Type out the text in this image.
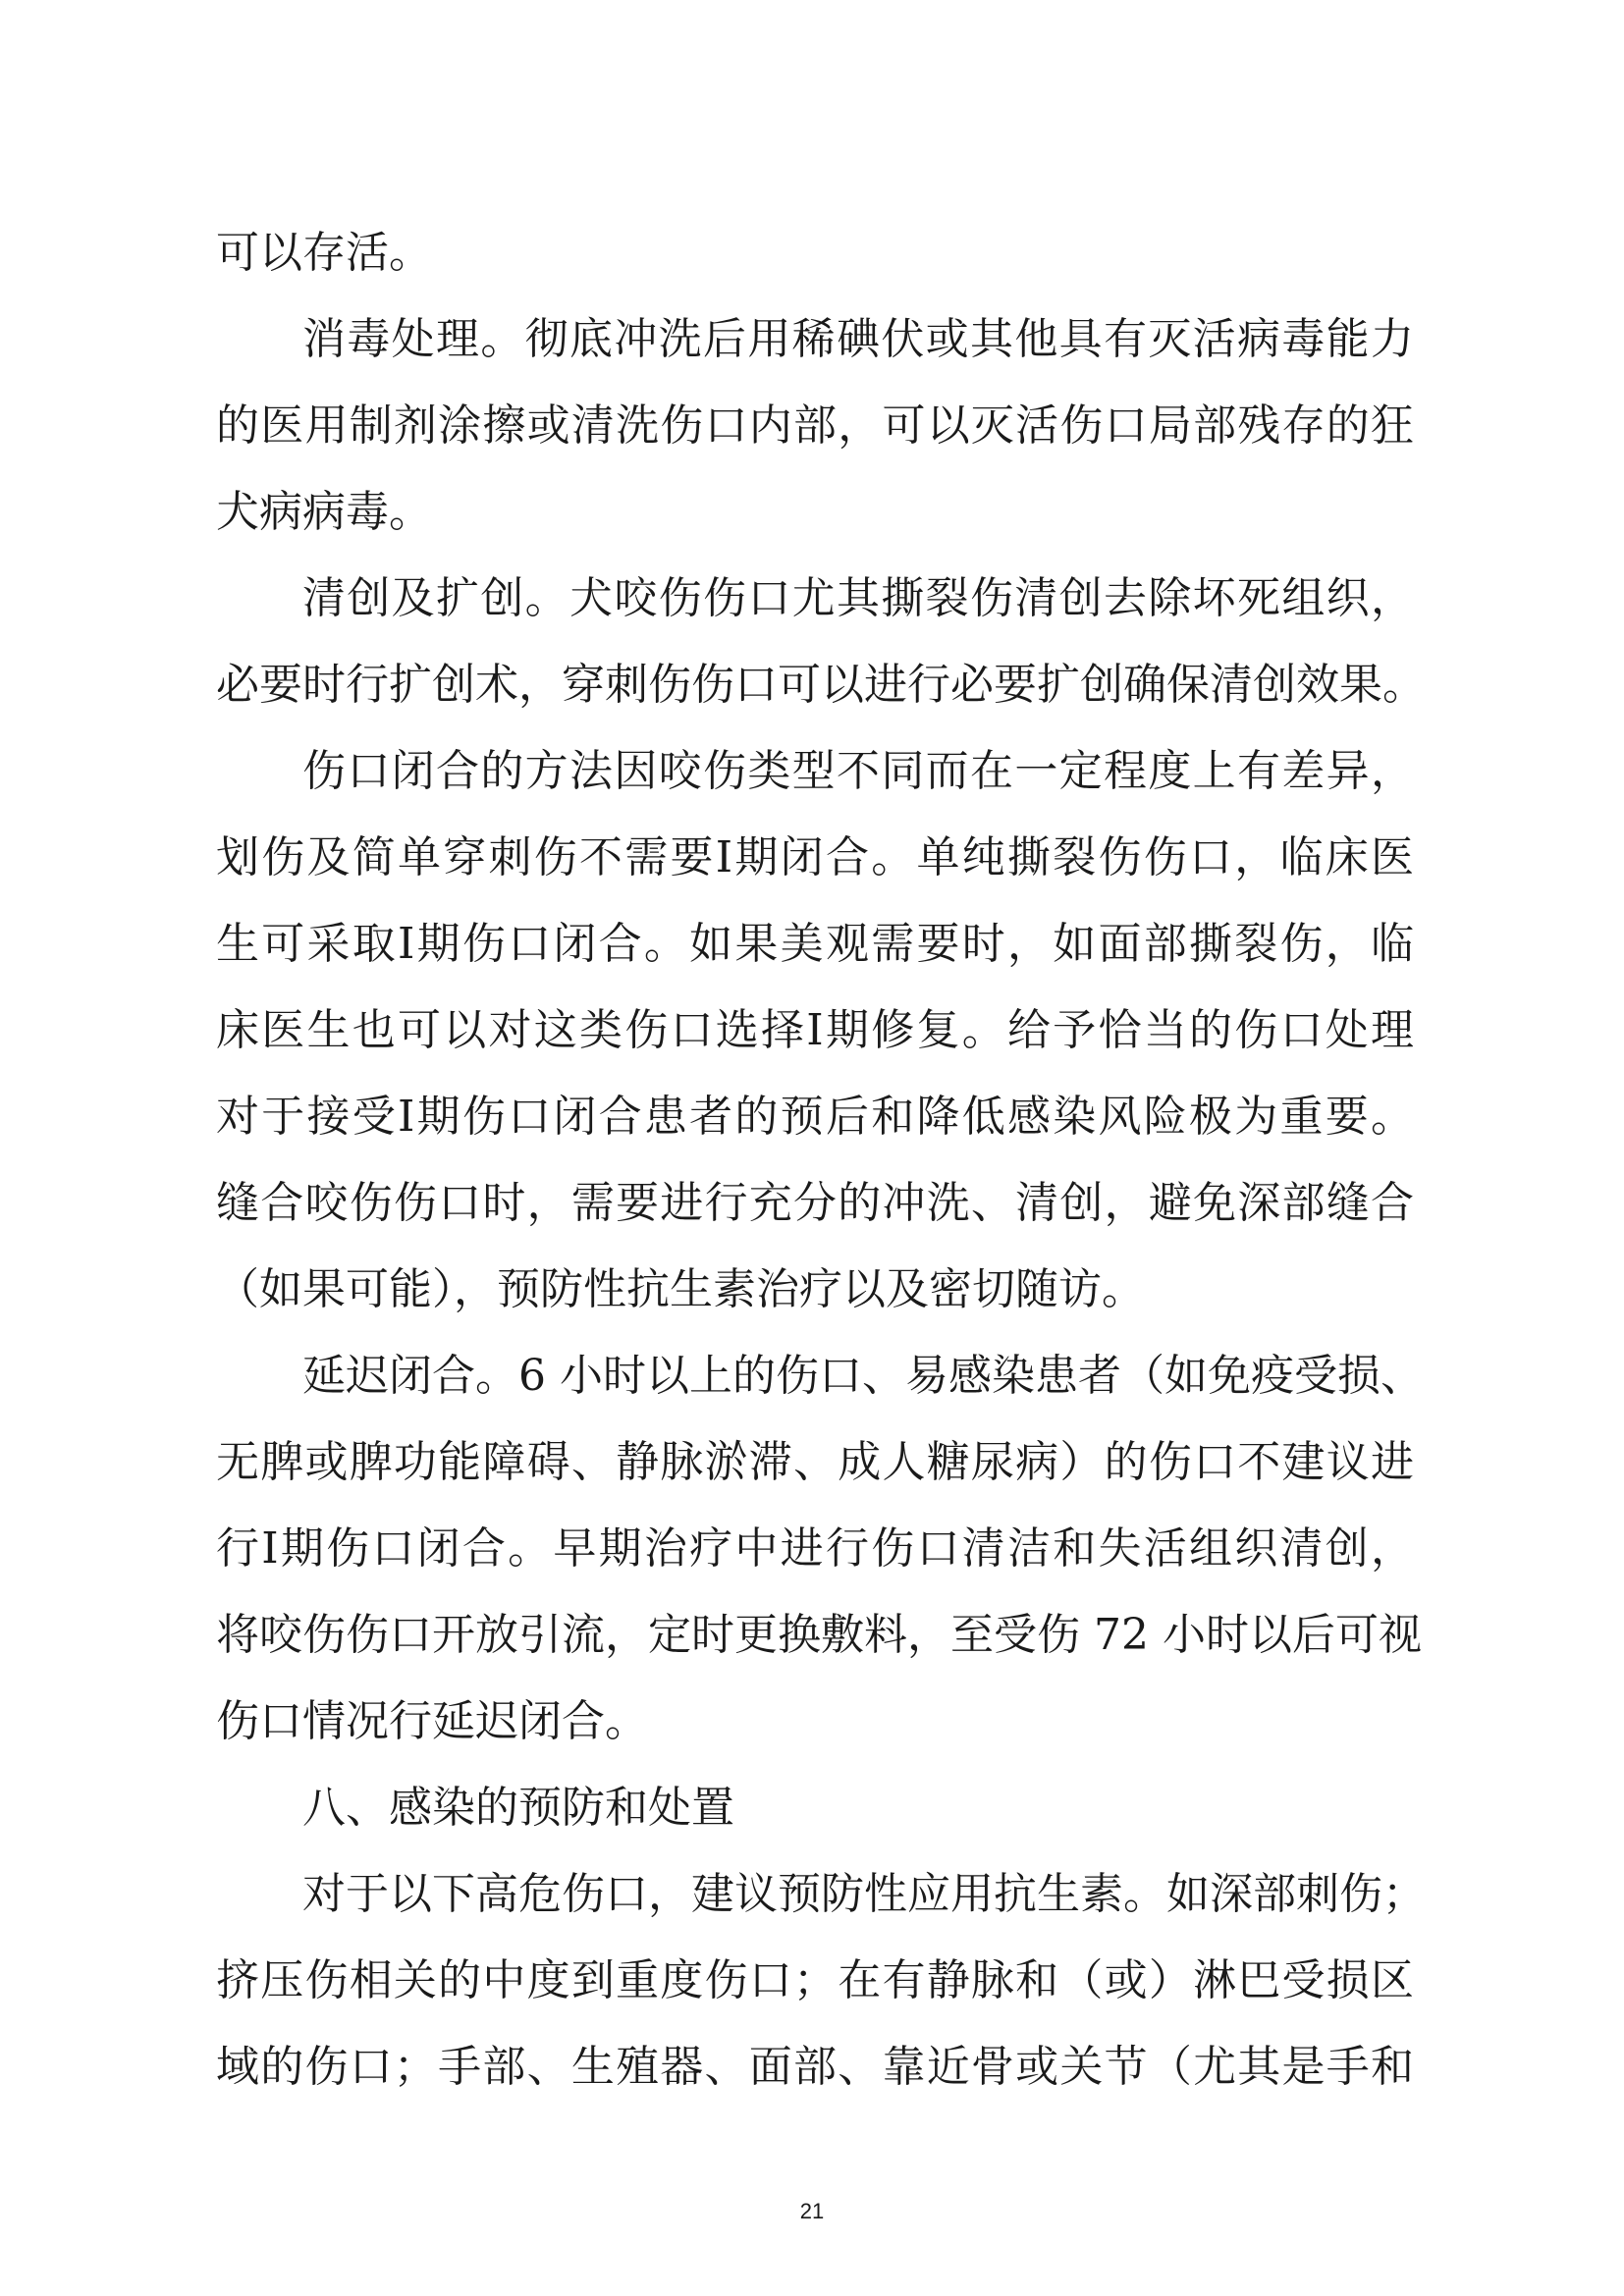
可以存活。
消毒处理。彻底冲洗后用稀碘伏或其他具有灭活病毒能力
的医用制剂涂擦或清洗伤口内部，可以灭活伤口局部残存的狂
犬病病毒。
清创及扩创。犬咬伤伤口尤其撕裂伤清创去除坏死组织，
必要时行扩创术，穿刺伤伤口可以进行必要扩创确保清创效果。
伤口闭合的方法因咬伤类型不同而在一定程度上有差异，
划伤及简单穿刺伤不需要Ⅰ期闭合。单纯撕裂伤伤口，临床医
生可采取Ⅰ期伤口闭合。如果美观需要时，如面部撕裂伤，临
床医生也可以对这类伤口选择Ⅰ期修复。给予恰当的伤口处理
对于接受Ⅰ期伤口闭合患者的预后和降低感染风险极为重要。
缝合咬伤伤口时，需要进行充分的冲洗、清创，避免深部缝合
（如果可能），预防性抗生素治疗以及密切随访。
延迟闭合。6 小时以上的伤口、易感染患者（如免疫受损、
无脾或脾功能障碍、静脉淤滞、成人糖尿病）的伤口不建议进
行Ⅰ期伤口闭合。早期治疗中进行伤口清洁和失活组织清创，
将咬伤伤口开放引流，定时更换敷料，至受伤 72 小时以后可视
伤口情况行延迟闭合。
八、感染的预防和处置
对于以下高危伤口，建议预防性应用抗生素。如深部刺伤；
挤压伤相关的中度到重度伤口；在有静脉和（或）淋巴受损区
域的伤口；手部、生殖器、面部、靠近骨或关节（尤其是手和
21
